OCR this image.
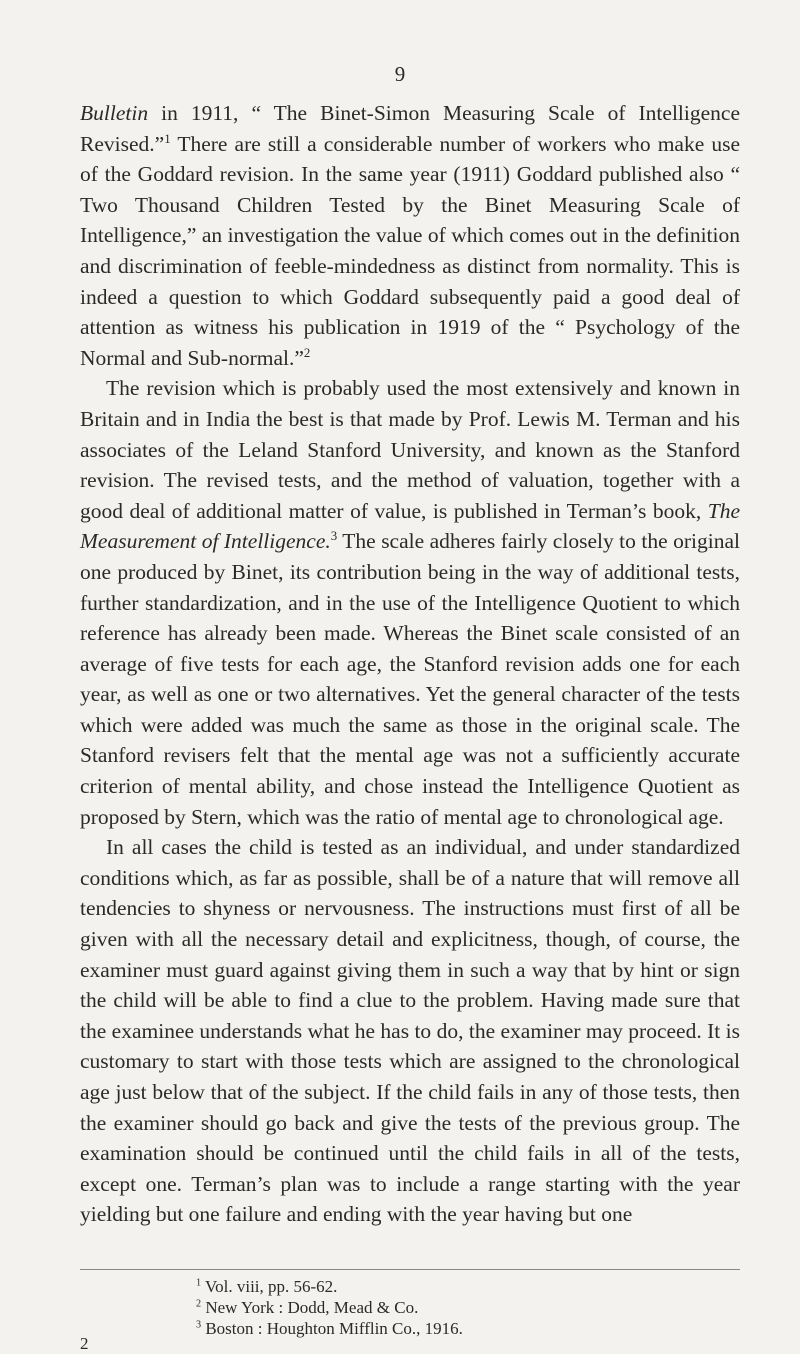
9

Bulletin in 1911, “ The Binet-Simon Measuring Scale of Intelligence Revised.”$^1$ There are still a considerable number of workers who make use of the Goddard revision. In the same year (1911) Goddard published also “ Two Thousand Children Tested by the Binet Measuring Scale of Intelligence,” an investigation the value of which comes out in the definition and discrimination of feeble-mindedness as distinct from normality. This is indeed a question to which Goddard subsequently paid a good deal of attention as witness his publication in 1919 of the “ Psychology of the Normal and Sub-normal.”$^2$

The revision which is probably used the most extensively and known in Britain and in India the best is that made by Prof. Lewis M. Terman and his associates of the Leland Stanford University, and known as the Stanford revision. The revised tests, and the method of valuation, together with a good deal of additional matter of value, is published in Terman’s book, The Measurement of Intelligence.$^3$ The scale adheres fairly closely to the original one produced by Binet, its contribution being in the way of additional tests, further standardization, and in the use of the Intelligence Quotient to which reference has already been made. Whereas the Binet scale consisted of an average of five tests for each age, the Stanford revision adds one for each year, as well as one or two alternatives. Yet the general character of the tests which were added was much the same as those in the original scale. The Stanford revisers felt that the mental age was not a sufficiently accurate criterion of mental ability, and chose instead the Intelligence Quotient as proposed by Stern, which was the ratio of mental age to chronological age.

In all cases the child is tested as an individual, and under standardized conditions which, as far as possible, shall be of a nature that will remove all tendencies to shyness or nervousness. The instructions must first of all be given with all the necessary detail and explicitness, though, of course, the examiner must guard against giving them in such a way that by hint or sign the child will be able to find a clue to the problem. Having made sure that the examinee understands what he has to do, the examiner may proceed. It is customary to start with those tests which are assigned to the chronological age just below that of the subject. If the child fails in any of those tests, then the examiner should go back and give the tests of the previous group. The examination should be continued until the child fails in all of the tests, except one. Terman’s plan was to include a range starting with the year yielding but one failure and ending with the year having but one

$^1$ Vol. viii, pp. 56-62.
$^2$ New York : Dodd, Mead & Co.
$^3$ Boston : Houghton Mifflin Co., 1916.
2
